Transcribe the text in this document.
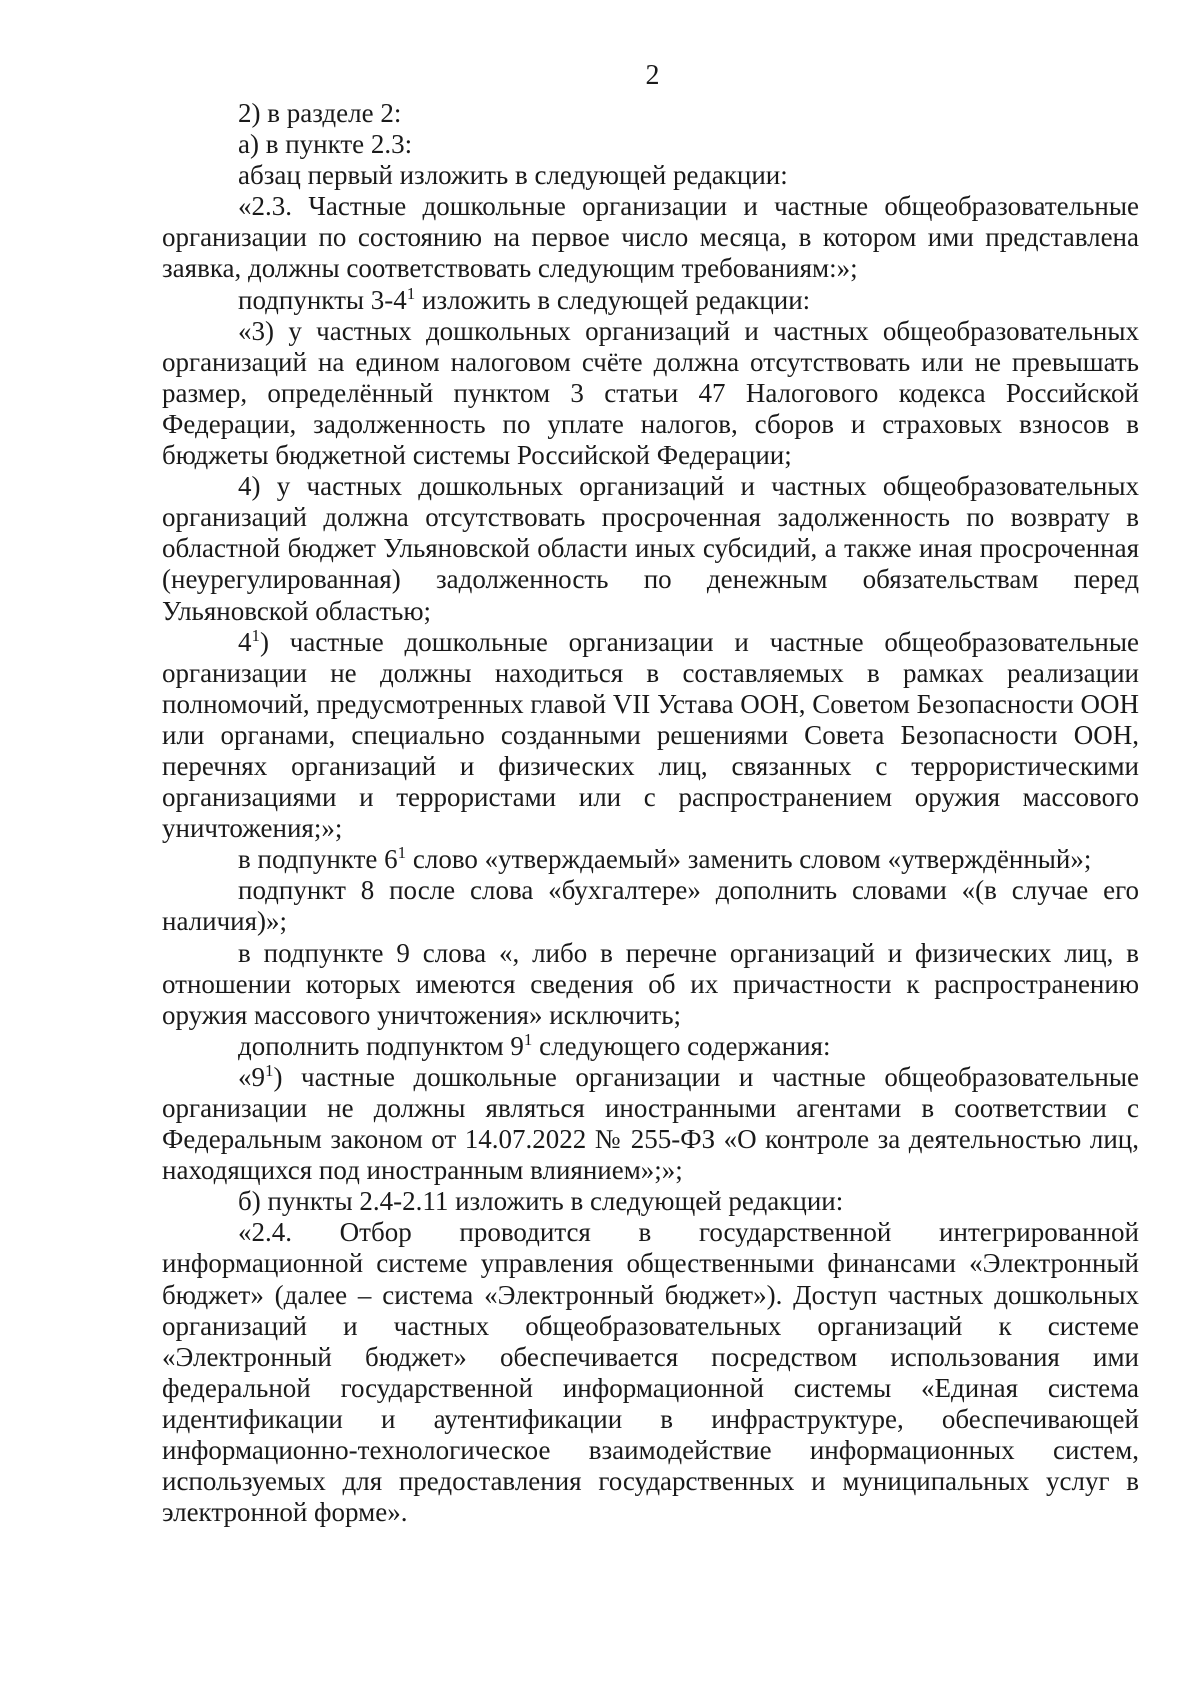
2

2) в разделе 2:

а) в пункте 2.3:

абзац первый изложить в следующей редакции:

«2.3. Частные дошкольные организации и частные общеобразовательные организации по состоянию на первое число месяца, в котором ими представлена заявка, должны соответствовать следующим требованиям:»;

подпункты $3-4^1$ изложить в следующей редакции:

«3) у частных дошкольных организаций и частных общеобразовательных организаций на едином налоговом счёте должна отсутствовать или не превышать размер, определённый пунктом 3 статьи 47 Налогового кодекса Российской Федерации, задолженность по уплате налогов, сборов и страховых взносов в бюджеты бюджетной системы Российской Федерации;

4) у частных дошкольных организаций и частных общеобразовательных организаций должна отсутствовать просроченная задолженность по возврату в областной бюджет Ульяновской области иных субсидий, а также иная просроченная (неурегулированная) задолженность по денежным обязательствам перед Ульяновской областью;

$4^1$) частные дошкольные организации и частные общеобразовательные организации не должны находиться в составляемых в рамках реализации полномочий, предусмотренных главой VII Устава ООН, Советом Безопасности ООН или органами, специально созданными решениями Совета Безопасности ООН, перечнях организаций и физических лиц, связанных с террористическими организациями и террористами или с распространением оружия массового уничтожения;»;

в подпункте $6^1$ слово «утверждаемый» заменить словом «утверждённый»;

подпункт 8 после слова «бухгалтере» дополнить словами «(в случае его наличия)»;

в подпункте 9 слова «, либо в перечне организаций и физических лиц, в отношении которых имеются сведения об их причастности к распространению оружия массового уничтожения» исключить;

дополнить подпунктом $9^1$ следующего содержания:

«$9^1$) частные дошкольные организации и частные общеобразовательные организации не должны являться иностранными агентами в соответствии с Федеральным законом от 14.07.2022 № 255-ФЗ «О контроле за деятельностью лиц, находящихся под иностранным влиянием»;»;

б) пункты 2.4-2.11 изложить в следующей редакции:

«2.4. Отбор проводится в государственной интегрированной информационной системе управления общественными финансами «Электронный бюджет» (далее – система «Электронный бюджет»). Доступ частных дошкольных организаций и частных общеобразовательных организаций к системе «Электронный бюджет» обеспечивается посредством использования ими федеральной государственной информационной системы «Единая система идентификации и аутентификации в инфраструктуре, обеспечивающей информационно-технологическое взаимодействие информационных систем, используемых для предоставления государственных и муниципальных услуг в электронной форме».
